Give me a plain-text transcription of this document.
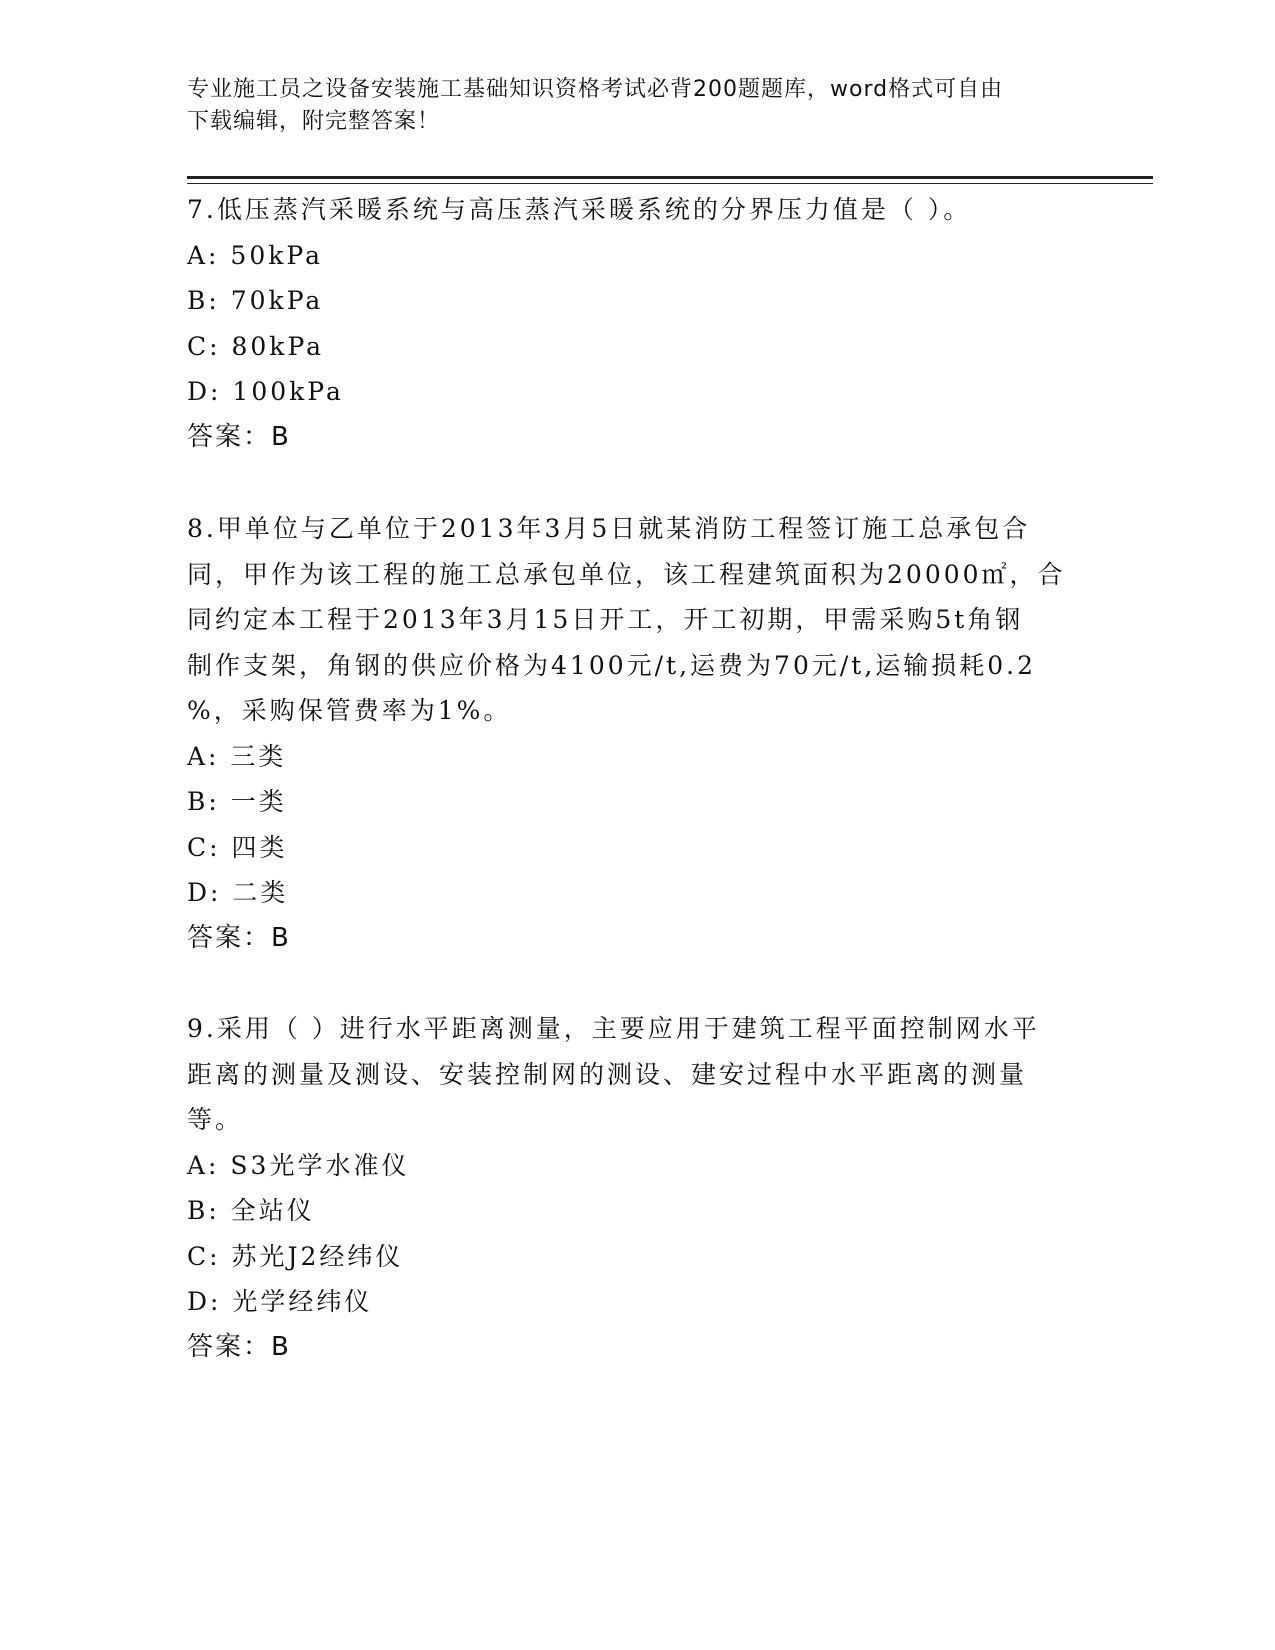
专业施工员之设备安装施工基础知识资格考试必背200题题库，word格式可自由
下载编辑，附完整答案！

7.低压蒸汽采暖系统与高压蒸汽采暖系统的分界压力值是（ ）。

A: 50kPa

B: 70kPa

C: 80kPa

D: 100kPa

答案：B

8.甲单位与乙单位于2013年3月5日就某消防工程签订施工总承包合

同，甲作为该工程的施工总承包单位，该工程建筑面积为20000㎡，合

同约定本工程于2013年3月15日开工，开工初期，甲需采购5t角钢

制作支架，角钢的供应价格为4100元/t,运费为70元/t,运输损耗0.2

%，采购保管费率为1%。

A: 三类

B: 一类

C: 四类

D: 二类

答案：B

9.采用（ ）进行水平距离测量，主要应用于建筑工程平面控制网水平

距离的测量及测设、安装控制网的测设、建安过程中水平距离的测量

等。

A: S3光学水准仪

B: 全站仪

C: 苏光J2经纬仪

D: 光学经纬仪

答案：B
